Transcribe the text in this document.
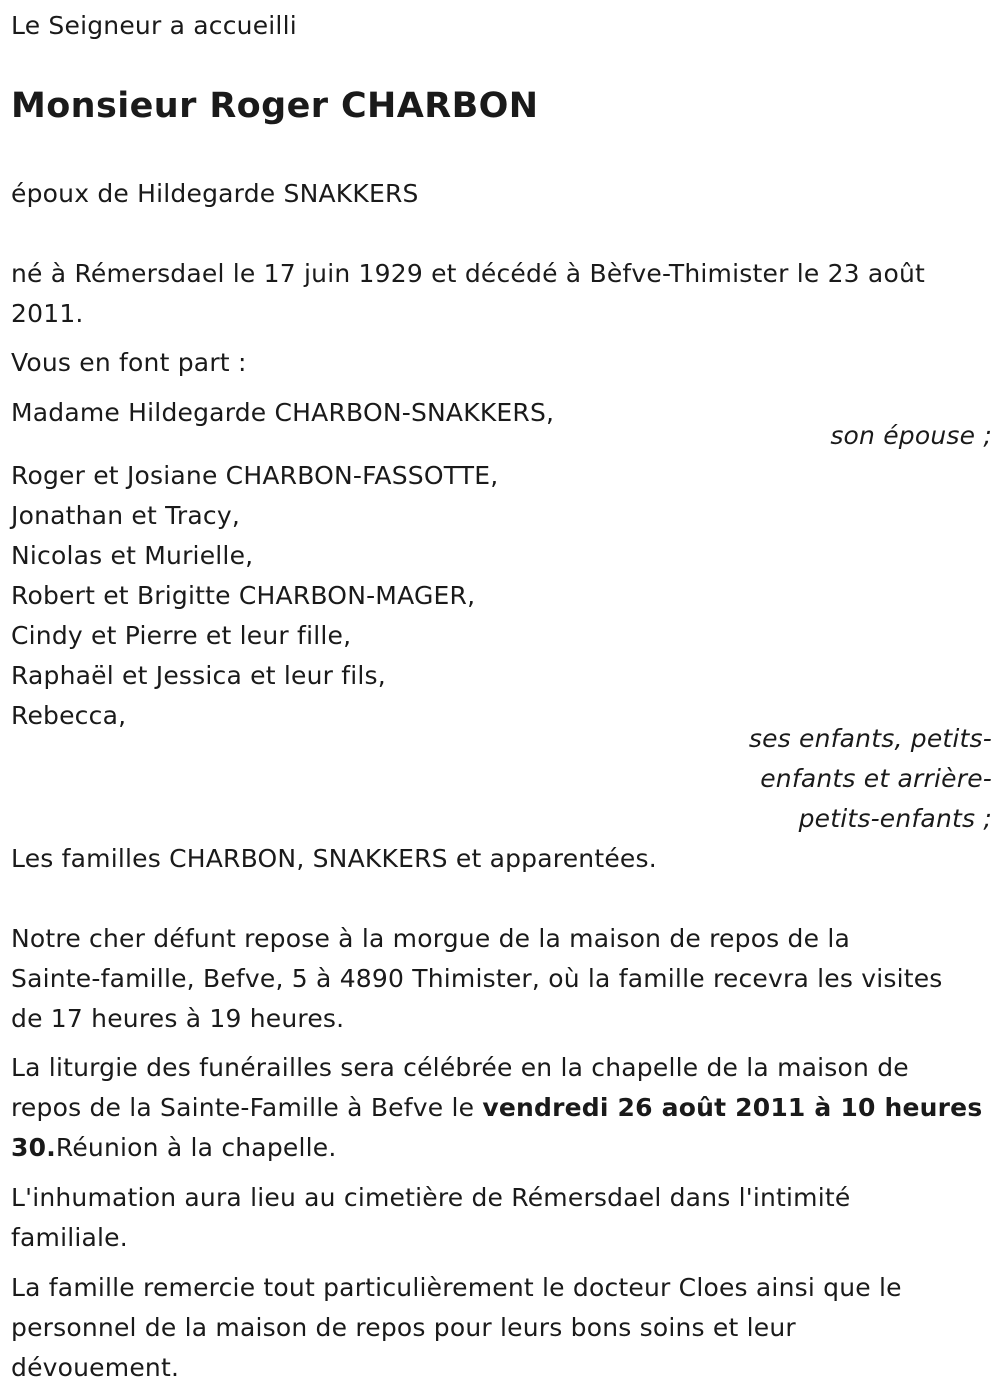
Le Seigneur a accueilli
Monsieur Roger CHARBON
époux de Hildegarde SNAKKERS
né à Rémersdael le 17 juin 1929 et décédé à Bèfve-Thimister le 23 août
2011.
Vous en font part :
Madame Hildegarde CHARBON-SNAKKERS,
son épouse ;
Roger et Josiane CHARBON-FASSOTTE,
Jonathan et Tracy,
Nicolas et Murielle,
Robert et Brigitte CHARBON-MAGER,
Cindy et Pierre et leur fille,
Raphaël et Jessica et leur fils,
Rebecca,
ses enfants, petits-
enfants et arrière-
petits-enfants ;
Les familles CHARBON, SNAKKERS et apparentées.
Notre cher défunt repose à la morgue de la maison de repos de la
Sainte-famille, Befve, 5 à 4890 Thimister, où la famille recevra les visites
de 17 heures à 19 heures.
La liturgie des funérailles sera célébrée en la chapelle de la maison de
repos de la Sainte-Famille à Befve le vendredi 26 août 2011 à 10 heures
30.Réunion à la chapelle.
L'inhumation aura lieu au cimetière de Rémersdael dans l'intimité
familiale.
La famille remercie tout particulièrement le docteur Cloes ainsi que le
personnel de la maison de repos pour leurs bons soins et leur
dévouement.
